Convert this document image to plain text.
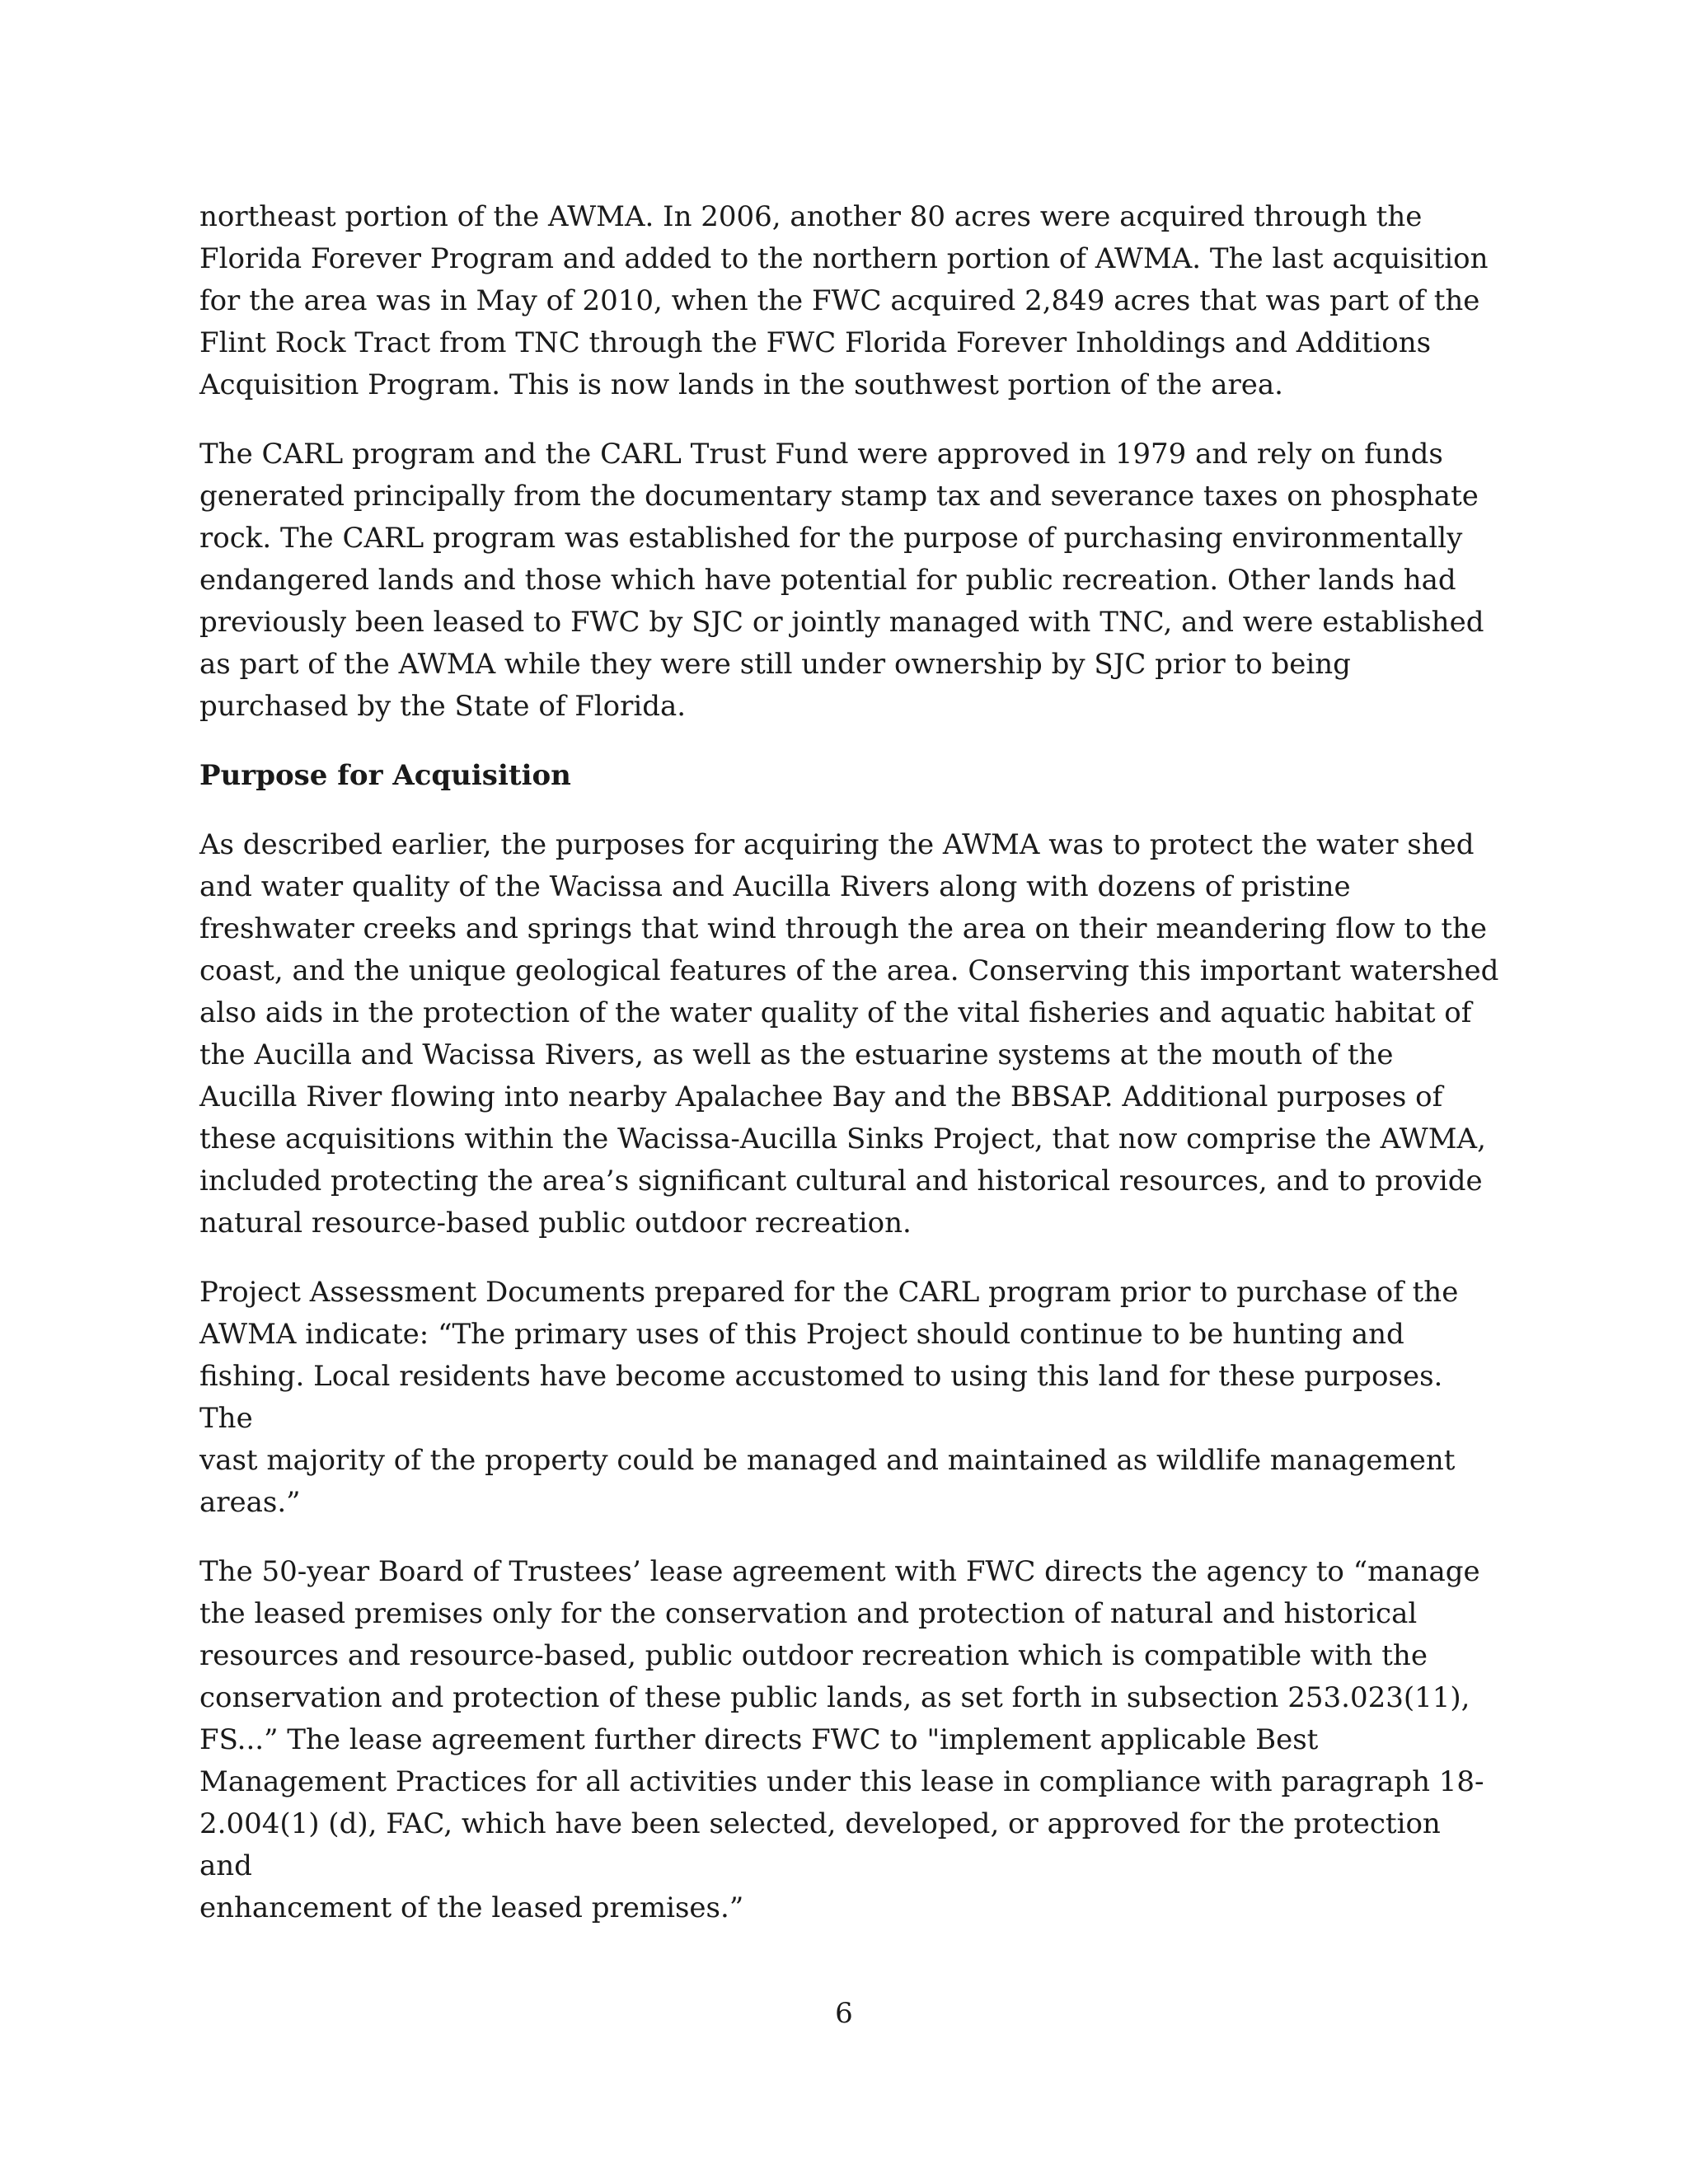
northeast portion of the AWMA. In 2006, another 80 acres were acquired through the
Florida Forever Program and added to the northern portion of AWMA. The last acquisition
for the area was in May of 2010, when the FWC acquired 2,849 acres that was part of the
Flint Rock Tract from TNC through the FWC Florida Forever Inholdings and Additions
Acquisition Program. This is now lands in the southwest portion of the area.

The CARL program and the CARL Trust Fund were approved in 1979 and rely on funds
generated principally from the documentary stamp tax and severance taxes on phosphate
rock. The CARL program was established for the purpose of purchasing environmentally
endangered lands and those which have potential for public recreation. Other lands had
previously been leased to FWC by SJC or jointly managed with TNC, and were established
as part of the AWMA while they were still under ownership by SJC prior to being
purchased by the State of Florida.

Purpose for Acquisition

As described earlier, the purposes for acquiring the AWMA was to protect the water shed
and water quality of the Wacissa and Aucilla Rivers along with dozens of pristine
freshwater creeks and springs that wind through the area on their meandering flow to the
coast, and the unique geological features of the area. Conserving this important watershed
also aids in the protection of the water quality of the vital fisheries and aquatic habitat of
the Aucilla and Wacissa Rivers, as well as the estuarine systems at the mouth of the
Aucilla River flowing into nearby Apalachee Bay and the BBSAP. Additional purposes of
these acquisitions within the Wacissa-Aucilla Sinks Project, that now comprise the AWMA,
included protecting the area’s significant cultural and historical resources, and to provide
natural resource-based public outdoor recreation.

Project Assessment Documents prepared for the CARL program prior to purchase of the
AWMA indicate: “The primary uses of this Project should continue to be hunting and
fishing. Local residents have become accustomed to using this land for these purposes. The
vast majority of the property could be managed and maintained as wildlife management
areas.”

The 50-year Board of Trustees’ lease agreement with FWC directs the agency to “manage
the leased premises only for the conservation and protection of natural and historical
resources and resource-based, public outdoor recreation which is compatible with the
conservation and protection of these public lands, as set forth in subsection 253.023(11),
FS...” The lease agreement further directs FWC to "implement applicable Best
Management Practices for all activities under this lease in compliance with paragraph 18-
2.004(1) (d), FAC, which have been selected, developed, or approved for the protection and
enhancement of the leased premises.”

6
